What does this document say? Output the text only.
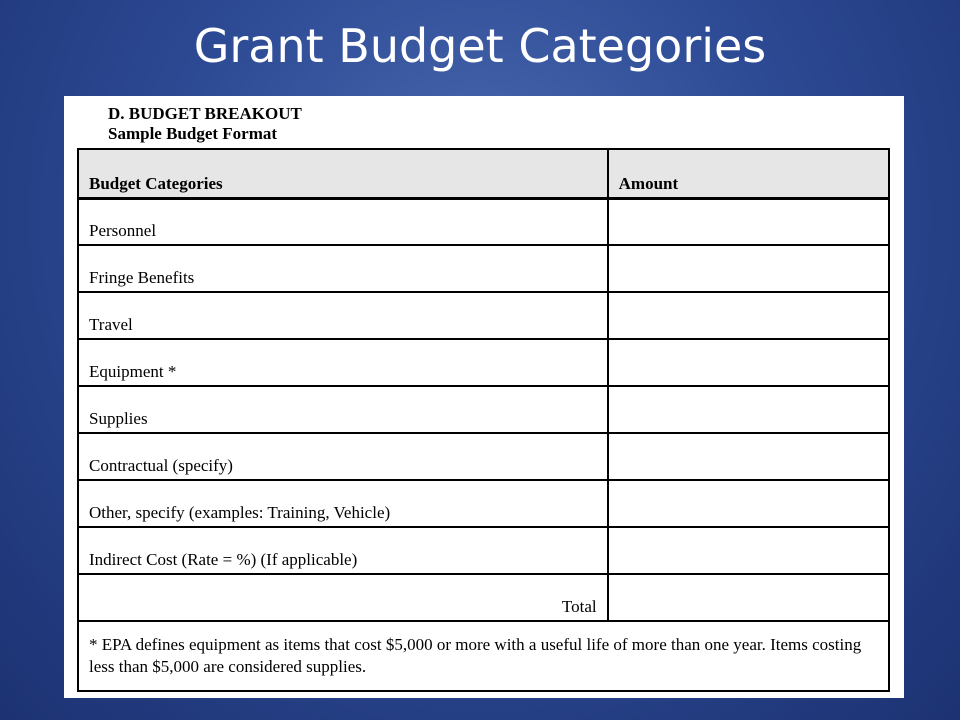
Grant Budget Categories
D. BUDGET BREAKOUT
Sample Budget Format
Budget Categories	Amount
Personnel	
Fringe Benefits	
Travel	
Equipment *	
Supplies	
Contractual (specify)	
Other, specify (examples: Training, Vehicle)	
Indirect Cost (Rate = %) (If applicable)	
Total	
* EPA defines equipment as items that cost $5,000 or more with a useful life of more than one year. Items costing less than $5,000 are considered supplies.	
